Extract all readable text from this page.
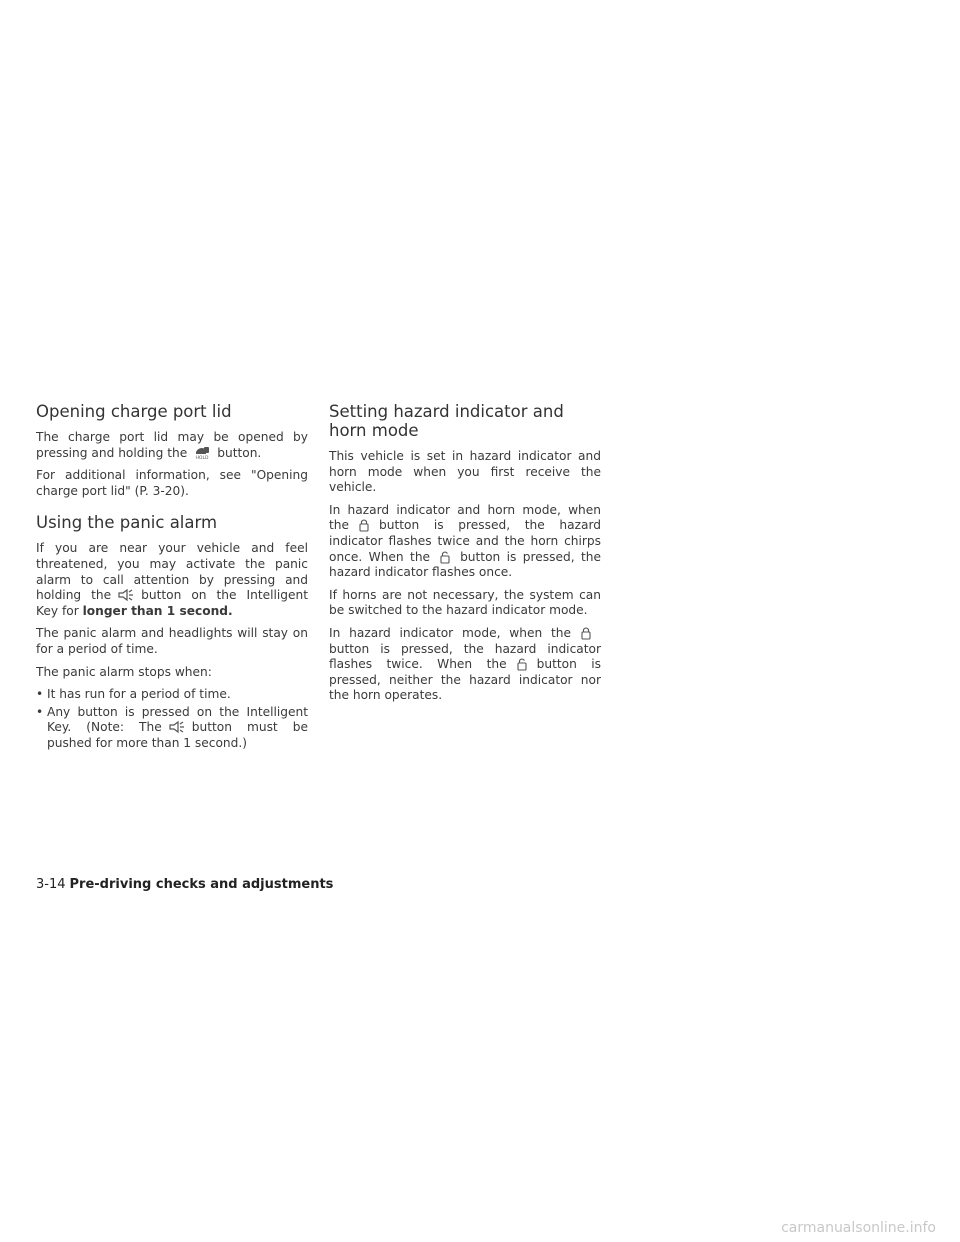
Opening charge port lid

The charge port lid may be opened by pressing and holding the HOLD button.

For additional information, see "Opening charge port lid" (P. 3-20).

Using the panic alarm

If you are near your vehicle and feel threatened, you may activate the panic alarm to call attention by pressing and holding the button on the Intelligent Key for longer than 1 second.

The panic alarm and headlights will stay on for a period of time.

The panic alarm stops when:

• It has run for a period of time.
• Any button is pressed on the Intelligent Key. (Note: The button must be pushed for more than 1 second.)
Setting hazard indicator and horn mode

This vehicle is set in hazard indicator and horn mode when you first receive the vehicle.

In hazard indicator and horn mode, when the button is pressed, the hazard indicator flashes twice and the horn chirps once. When the button is pressed, the hazard indicator flashes once.

If horns are not necessary, the system can be switched to the hazard indicator mode.

In hazard indicator mode, when the
button is pressed, the hazard indicator flashes twice. When the button is pressed, neither the hazard indicator nor the horn operates.

3-14 Pre-driving checks and adjustments
carmanualsonline.info
